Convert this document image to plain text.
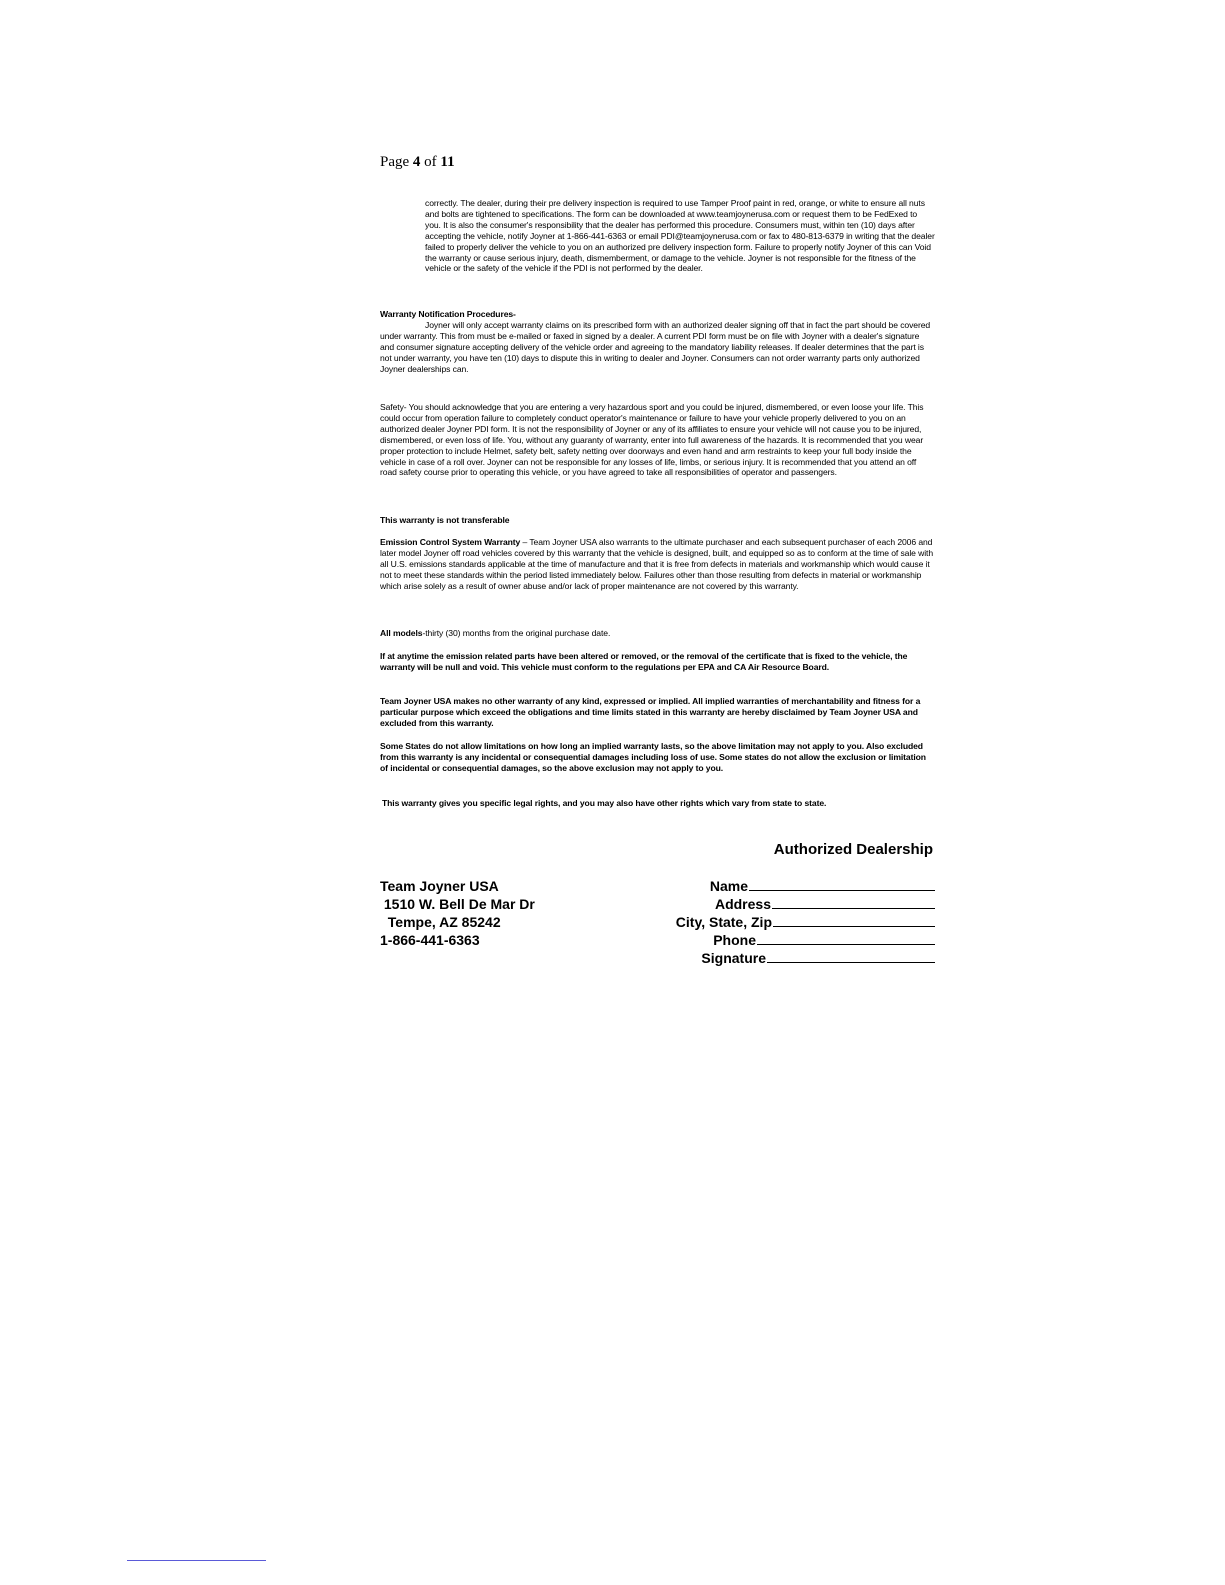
Page 4 of 11

correctly. The dealer, during their pre delivery inspection is required to use Tamper Proof paint in red, orange, or white to ensure all nuts and bolts are tightened to specifications. The form can be downloaded at www.teamjoynerusa.com or request them to be FedExed to you. It is also the consumer's responsibility that the dealer has performed this procedure. Consumers must, within ten (10) days after accepting the vehicle, notify Joyner at 1-866-441-6363 or email PDI@teamjoynerusa.com or fax to 480-813-6379 in writing that the dealer failed to properly deliver the vehicle to you on an authorized pre delivery inspection form. Failure to properly notify Joyner of this can Void the warranty or cause serious injury, death, dismemberment, or damage to the vehicle. Joyner is not responsible for the fitness of the vehicle or the safety of the vehicle if the PDI is not performed by the dealer.

Warranty Notification Procedures-

Joyner will only accept warranty claims on its prescribed form with an authorized dealer signing off that in fact the part should be covered under warranty. This from must be e-mailed or faxed in signed by a dealer. A current PDI form must be on file with Joyner with a dealer's signature and consumer signature accepting delivery of the vehicle order and agreeing to the mandatory liability releases. If dealer determines that the part is not under warranty, you have ten (10) days to dispute this in writing to dealer and Joyner. Consumers can not order warranty parts only authorized Joyner dealerships can.

Safety- You should acknowledge that you are entering a very hazardous sport and you could be injured, dismembered, or even loose your life. This could occur from operation failure to completely conduct operator's maintenance or failure to have your vehicle properly delivered to you on an authorized dealer Joyner PDI form. It is not the responsibility of Joyner or any of its affiliates to ensure your vehicle will not cause you to be injured, dismembered, or even loss of life. You, without any guaranty of warranty, enter into full awareness of the hazards. It is recommended that you wear proper protection to include Helmet, safety belt, safety netting over doorways and even hand and arm restraints to keep your full body inside the vehicle in case of a roll over. Joyner can not be responsible for any losses of life, limbs, or serious injury. It is recommended that you attend an off road safety course prior to operating this vehicle, or you have agreed to take all responsibilities of operator and passengers.

This warranty is not transferable

Emission Control System Warranty – Team Joyner USA also warrants to the ultimate purchaser and each subsequent purchaser of each 2006 and later model Joyner off road vehicles covered by this warranty that the vehicle is designed, built, and equipped so as to conform at the time of sale with all U.S. emissions standards applicable at the time of manufacture and that it is free from defects in materials and workmanship which would cause it not to meet these standards within the period listed immediately below. Failures other than those resulting from defects in material or workmanship which arise solely as a result of owner abuse and/or lack of proper maintenance are not covered by this warranty.

All models-thirty (30) months from the original purchase date.

If at anytime the emission related parts have been altered or removed, or the removal of the certificate that is fixed to the vehicle, the warranty will be null and void. This vehicle must conform to the regulations per EPA and CA Air Resource Board.

Team Joyner USA makes no other warranty of any kind, expressed or implied. All implied warranties of merchantability and fitness for a particular purpose which exceed the obligations and time limits stated in this warranty are hereby disclaimed by Team Joyner USA and excluded from this warranty.

Some States do not allow limitations on how long an implied warranty lasts, so the above limitation may not apply to you. Also excluded from this warranty is any incidental or consequential damages including loss of use. Some states do not allow the exclusion or limitation of incidental or consequential damages, so the above exclusion may not apply to you.

This warranty gives you specific legal rights, and you may also have other rights which vary from state to state.

Authorized Dealership
Team Joyner USA
1510 W. Bell De Mar Dr
Tempe, AZ 85242
1-866-441-6363
Name
Address
City, State, Zip
Phone
Signature
